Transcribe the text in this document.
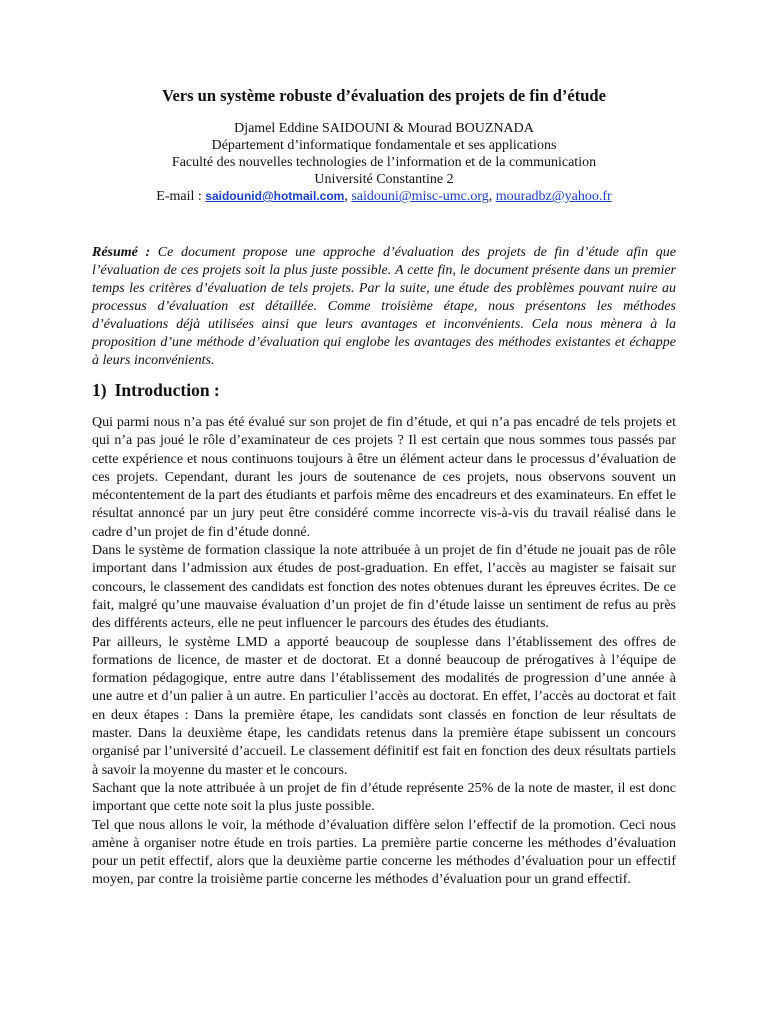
Vers un système robuste d’évaluation des projets de fin d’étude
Djamel Eddine SAIDOUNI & Mourad BOUZNADA
Département d’informatique fondamentale et ses applications
Faculté des nouvelles technologies de l’information et de la communication
Université Constantine 2
E-mail : saidounid@hotmail.com, saidouni@misc-umc.org, mouradbz@yahoo.fr

Résumé : Ce document propose une approche d’évaluation des projets de fin d’étude afin que l’évaluation de ces projets soit la plus juste possible. A cette fin, le document présente dans un premier temps les critères d’évaluation de tels projets. Par la suite, une étude des problèmes pouvant nuire au processus d’évaluation est détaillée. Comme troisième étape, nous présentons les méthodes d’évaluations déjà utilisées ainsi que leurs avantages et inconvénients. Cela nous mènera à la proposition d’une méthode d’évaluation qui englobe les avantages des méthodes existantes et échappe à leurs inconvénients.

1) Introduction :

Qui parmi nous n’a pas été évalué sur son projet de fin d’étude, et qui n’a pas encadré de tels projets et qui n’a pas joué le rôle d’examinateur de ces projets ? Il est certain que nous sommes tous passés par cette expérience et nous continuons toujours à être un élément acteur dans le processus d’évaluation de ces projets. Cependant, durant les jours de soutenance de ces projets, nous observons souvent un mécontentement de la part des étudiants et parfois même des encadreurs et des examinateurs. En effet le résultat annoncé par un jury peut être considéré comme incorrecte vis-à-vis du travail réalisé dans le cadre d’un projet de fin d’étude donné.

Dans le système de formation classique la note attribuée à un projet de fin d’étude ne jouait pas de rôle important dans l’admission aux études de post-graduation. En effet, l’accès au magister se faisait sur concours, le classement des candidats est fonction des notes obtenues durant les épreuves écrites. De ce fait, malgré qu’une mauvaise évaluation d’un projet de fin d’étude laisse un sentiment de refus au près des différents acteurs, elle ne peut influencer le parcours des études des étudiants.

Par ailleurs, le système LMD a apporté beaucoup de souplesse dans l’établissement des offres de formations de licence, de master et de doctorat. Et a donné beaucoup de prérogatives à l’équipe de formation pédagogique, entre autre dans l’établissement des modalités de progression d’une année à une autre et d’un palier à un autre. En particulier l’accès au doctorat. En effet, l’accès au doctorat et fait en deux étapes : Dans la première étape, les candidats sont classés en fonction de leur résultats de master. Dans la deuxième étape, les candidats retenus dans la première étape subissent un concours organisé par l’université d’accueil. Le classement définitif est fait en fonction des deux résultats partiels à savoir la moyenne du master et le concours.

Sachant que la note attribuée à un projet de fin d’étude représente 25% de la note de master, il est donc important que cette note soit la plus juste possible.

Tel que nous allons le voir, la méthode d’évaluation diffère selon l’effectif de la promotion. Ceci nous amène à organiser notre étude en trois parties. La première partie concerne les méthodes d’évaluation pour un petit effectif, alors que la deuxième partie concerne les méthodes d’évaluation pour un effectif moyen, par contre la troisième partie concerne les méthodes d’évaluation pour un grand effectif.
